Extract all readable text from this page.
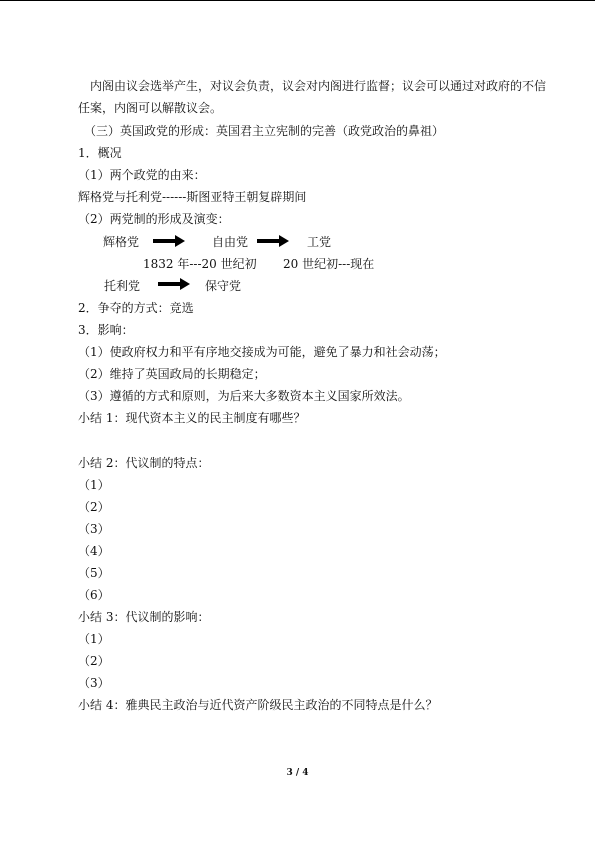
内阁由议会选举产生，对议会负责，议会对内阁进行监督；议会可以通过对政府的不信
任案，内阁可以解散议会。
（三）英国政党的形成：英国君主立宪制的完善（政党政治的鼻祖）
1．概况
（1）两个政党的由来：
辉格党与托利党------斯图亚特王朝复辟期间
（2）两党制的形成及演变：
辉格党	自由党	工党
1832 年---20 世纪初 20 世纪初---现在
托利党	保守党
2．争夺的方式：竞选
3．影响：
（1）使政府权力和平有序地交接成为可能，避免了暴力和社会动荡；
（2）维持了英国政局的长期稳定；
（3）遵循的方式和原则，为后来大多数资本主义国家所效法。
小结 1：现代资本主义的民主制度有哪些？
小结 2：代议制的特点：
（1）
（2）
（3）
（4）
（5）
（6）
小结 3：代议制的影响：
（1）
（2）
（3）
小结 4：雅典民主政治与近代资产阶级民主政治的不同特点是什么？
3 / 4
